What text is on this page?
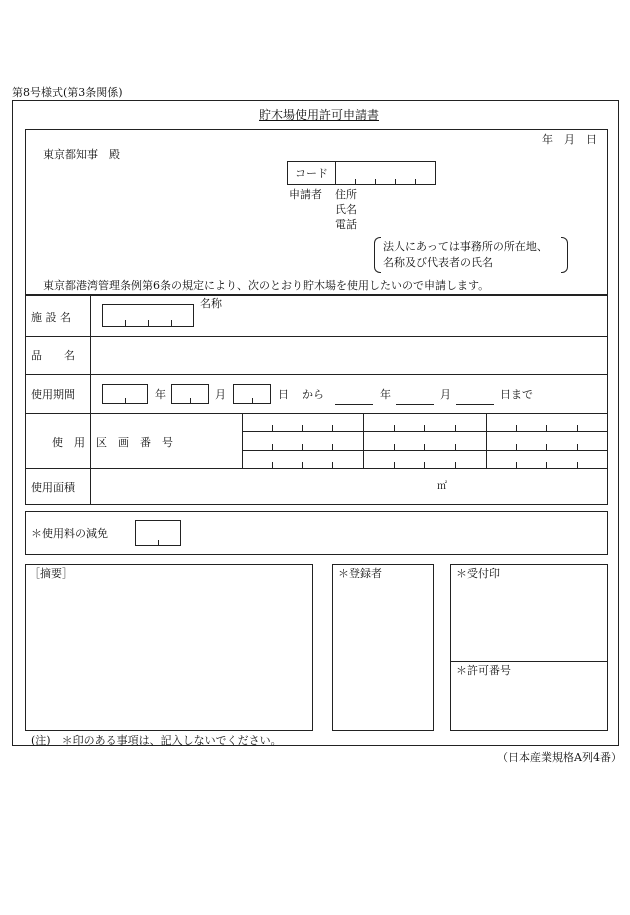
第8号様式(第3条関係)
貯木場使用許可申請書
年　月　日
東京都知事　殿
コード
申請者 住所
氏名
電話
法人にあっては事務所の所在地、
名称及び代表者の氏名
東京都港湾管理条例第6条の規定により、次のとおり貯木場を使用したいので申請します。
施 設 名
名称
品　　名
使用期間	年	月	日 から	年	月	日まで
使　用　区　画　番　号
使用面積	㎡
＊使用料の減免
［摘要］	＊登録者	＊受付印
＊許可番号
(注)　＊印のある事項は、記入しないでください。
（日本産業規格A列4番）
